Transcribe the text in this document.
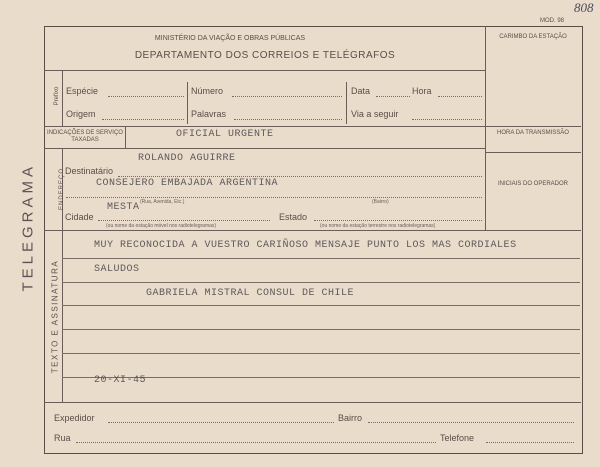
808
MOD. 98
TELEGRAMA
MINISTÉRIO DA VIAÇÃO E OBRAS PÚBLICAS
DEPARTAMENTO DOS CORREIOS E TELÉGRAFOS
CARIMBO DA ESTAÇÃO
Prefixo Espécie	Número	Data	Hora
Origem	Palavras	Via a seguir
INDICAÇÕES DE SERVIÇO TAXADAS	OFICIAL URGENTE	HORA DA TRANSMISSÃO
INICIAIS DO OPERADOR
ENDEREÇO Destinatário
ROLANDO AGUIRRE
CONSEJERO EMBAJADA ARGENTINA
(Rua, Avenida, Etc.)	(Bairro)
Cidade
MESTA
(ou nome da estação móvel nos radiotelegramas)
Estado
(ou nome da estação terrestre nos radiotelegramas)
TEXTO E ASSINATURA
MUY RECONOCIDA A VUESTRO CARIÑOSO MENSAJE PUNTO LOS MAS CORDIALES
SALUDOS
GABRIELA MISTRAL CONSUL DE CHILE
20-XI-45
Expedidor	Bairro
Rua	Telefone
